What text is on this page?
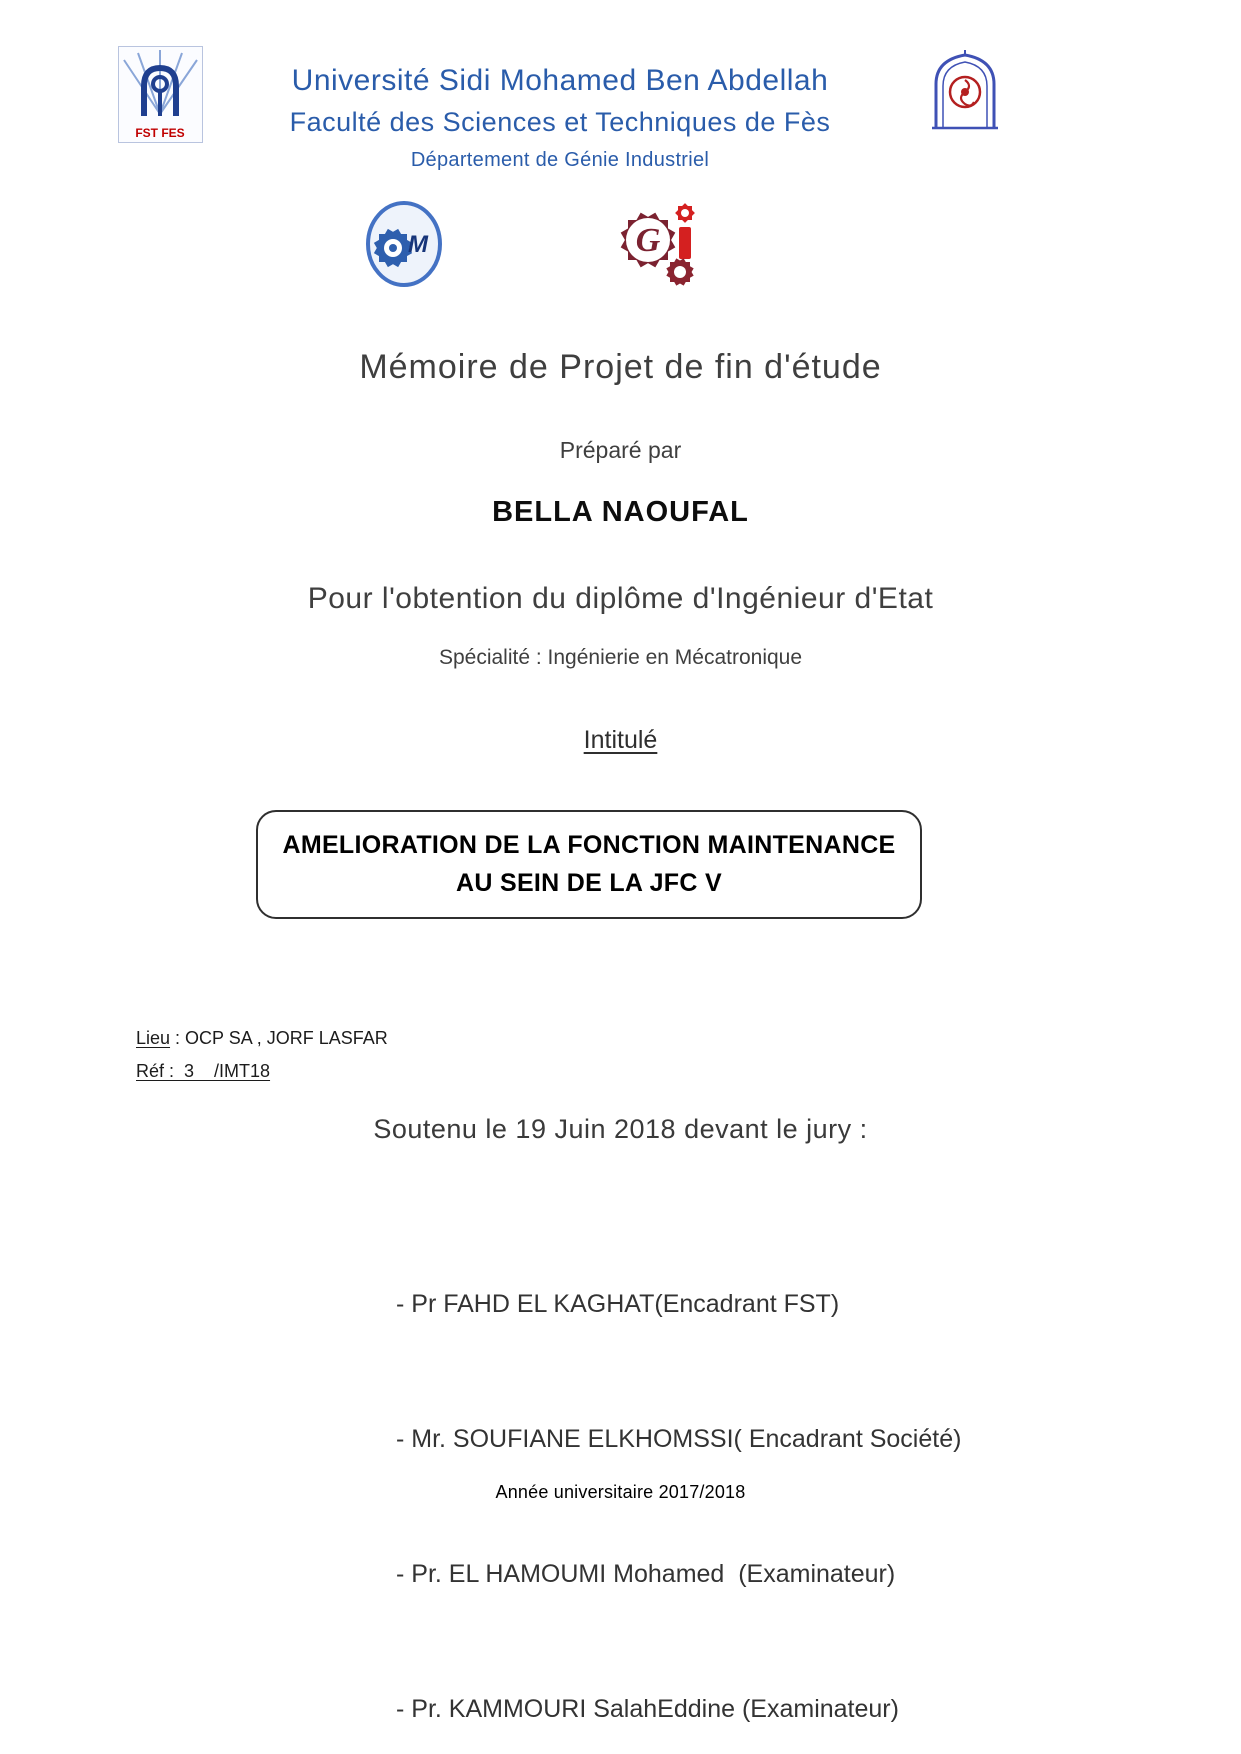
FST FES
Université Sidi Mohamed Ben Abdellah
Faculté des Sciences et Techniques de Fès
Département de Génie Industriel
M	G
Mémoire de Projet de fin d'étude
Préparé par
BELLA NAOUFAL
Pour l'obtention du diplôme d'Ingénieur d'Etat
Spécialité : Ingénierie en Mécatronique
Intitulé
AMELIORATION DE LA FONCTION MAINTENANCE
AU SEIN DE LA JFC V
Lieu : OCP SA , JORF LASFAR
Réf :  3    /IMT18
Soutenu le 19 Juin 2018 devant le jury :

- Pr FAHD EL KAGHAT(Encadrant FST)

- Mr. SOUFIANE ELKHOMSSI( Encadrant Société)

- Pr. EL HAMOUMI Mohamed  (Examinateur)

- Pr. KAMMOURI SalahEddine (Examinateur)

Année universitaire 2017/2018
